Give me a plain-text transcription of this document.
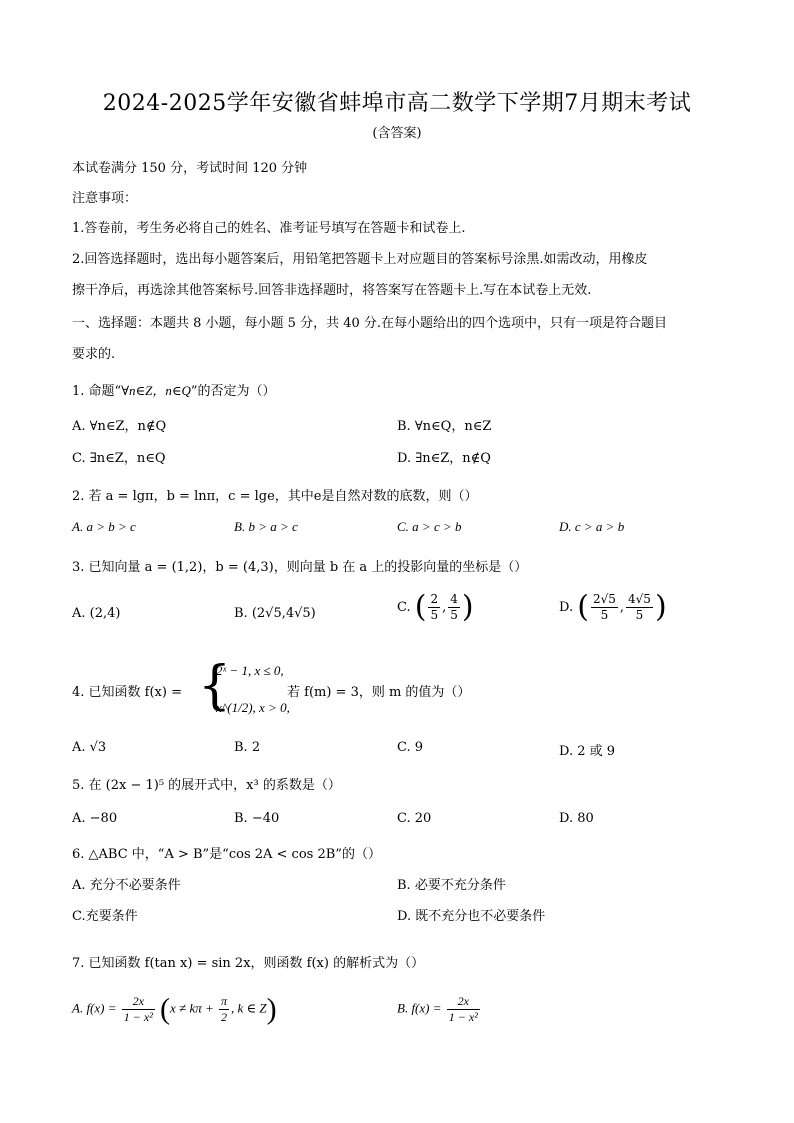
2024-2025学年安徽省蚌埠市高二数学下学期7月期末考试
(含答案)
本试卷满分 150 分，考试时间 120 分钟
注意事项：
1.答卷前，考生务必将自己的姓名、准考证号填写在答题卡和试卷上.
2.回答选择题时，选出每小题答案后，用铅笔把答题卡上对应题目的答案标号涂黑.如需改动，用橡皮
擦干净后，再选涂其他答案标号.回答非选择题时，将答案写在答题卡上.写在本试卷上无效.
一、选择题：本题共 8 小题，每小题 5 分，共 40 分.在每小题给出的四个选项中，只有一项是符合题目
要求的.
1. 命题“∀n∈Z，n∈Q”的否定为（）
A. ∀n∈Z，n∉Q	B. ∀n∈Q，n∈Z
C. ∃n∈Z，n∈Q	D. ∃n∈Z，n∉Q
2. 若 a = lgπ，b = lnπ，c = lge，其中e是自然对数的底数，则（）
A. a > b > c	B. b > a > c	C. a > c > b	D. c > a > b
3. 已知向量 a = (1,2)，b = (4,3)，则向量 b 在 a 上的投影向量的坐标是（）
A. (2,4)	B. (2√5,4√5)	C. ( $\frac{2}{5}$ , $\frac{4}{5}$ )	D. ( $\frac{2√5}{5}$ , $\frac{4√5}{5}$ )
4. 已知函数 f(x) = {
2ˣ − 1, x ≤ 0,
x^(1/2), x > 0,
若 f(m) = 3，则 m 的值为（）
A. √3	B. 2	C. 9	D. 2 或 9
5. 在 (2x − 1)⁵ 的展开式中，x³ 的系数是（）
A. −80	B. −40	C. 20	D. 80
6. △ABC 中，“A > B”是“cos 2A < cos 2B”的（）
A. 充分不必要条件	B. 必要不充分条件
C.充要条件	D. 既不充分也不必要条件
7. 已知函数 f(tan x) = sin 2x，则函数 f(x) 的解析式为（）
A. $f(x) = \frac{2x}{\text{1 − x²}} (x \ne k\pi + \frac{\pi}{2}$ , k ∈ Z)	B. $f(x) = \frac{2x}{\text{1 − x²}}$
